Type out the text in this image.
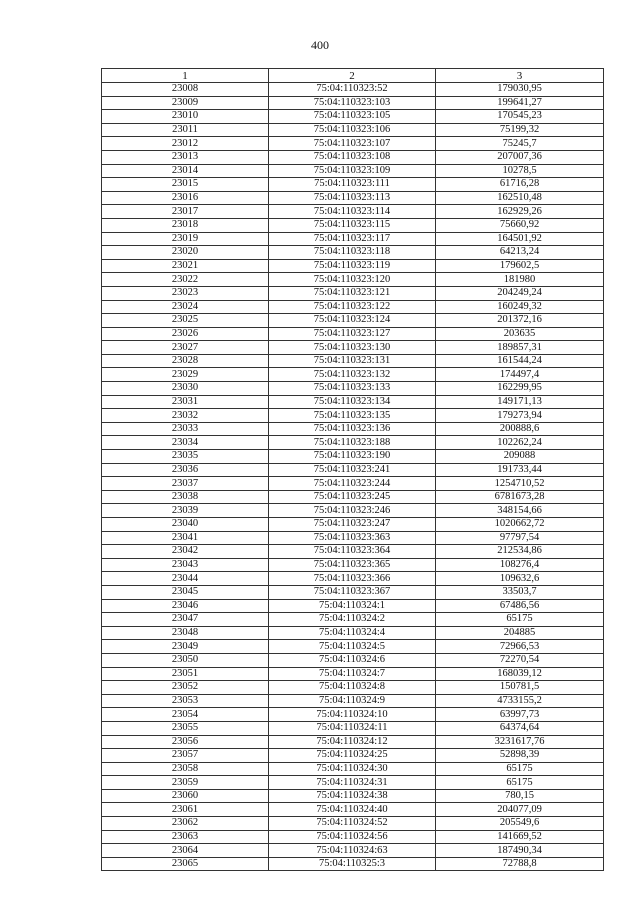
400
1	2	3
23008	75:04:110323:52	179030,95
23009	75:04:110323:103	199641,27
23010	75:04:110323:105	170545,23
23011	75:04:110323:106	75199,32
23012	75:04:110323:107	75245,7
23013	75:04:110323:108	207007,36
23014	75:04:110323:109	10278,5
23015	75:04:110323:111	61716,28
23016	75:04:110323:113	162510,48
23017	75:04:110323:114	162929,26
23018	75:04:110323:115	75660,92
23019	75:04:110323:117	164501,92
23020	75:04:110323:118	64213,24
23021	75:04:110323:119	179602,5
23022	75:04:110323:120	181980
23023	75:04:110323:121	204249,24
23024	75:04:110323:122	160249,32
23025	75:04:110323:124	201372,16
23026	75:04:110323:127	203635
23027	75:04:110323:130	189857,31
23028	75:04:110323:131	161544,24
23029	75:04:110323:132	174497,4
23030	75:04:110323:133	162299,95
23031	75:04:110323:134	149171,13
23032	75:04:110323:135	179273,94
23033	75:04:110323:136	200888,6
23034	75:04:110323:188	102262,24
23035	75:04:110323:190	209088
23036	75:04:110323:241	191733,44
23037	75:04:110323:244	1254710,52
23038	75:04:110323:245	6781673,28
23039	75:04:110323:246	348154,66
23040	75:04:110323:247	1020662,72
23041	75:04:110323:363	97797,54
23042	75:04:110323:364	212534,86
23043	75:04:110323:365	108276,4
23044	75:04:110323:366	109632,6
23045	75:04:110323:367	33503,7
23046	75:04:110324:1	67486,56
23047	75:04:110324:2	65175
23048	75:04:110324:4	204885
23049	75:04:110324:5	72966,53
23050	75:04:110324:6	72270,54
23051	75:04:110324:7	168039,12
23052	75:04:110324:8	150781,5
23053	75:04:110324:9	4733155,2
23054	75:04:110324:10	63997,73
23055	75:04:110324:11	64374,64
23056	75:04:110324:12	3231617,76
23057	75:04:110324:25	52898,39
23058	75:04:110324:30	65175
23059	75:04:110324:31	65175
23060	75:04:110324:38	780,15
23061	75:04:110324:40	204077,09
23062	75:04:110324:52	205549,6
23063	75:04:110324:56	141669,52
23064	75:04:110324:63	187490,34
23065	75:04:110325:3	72788,8
